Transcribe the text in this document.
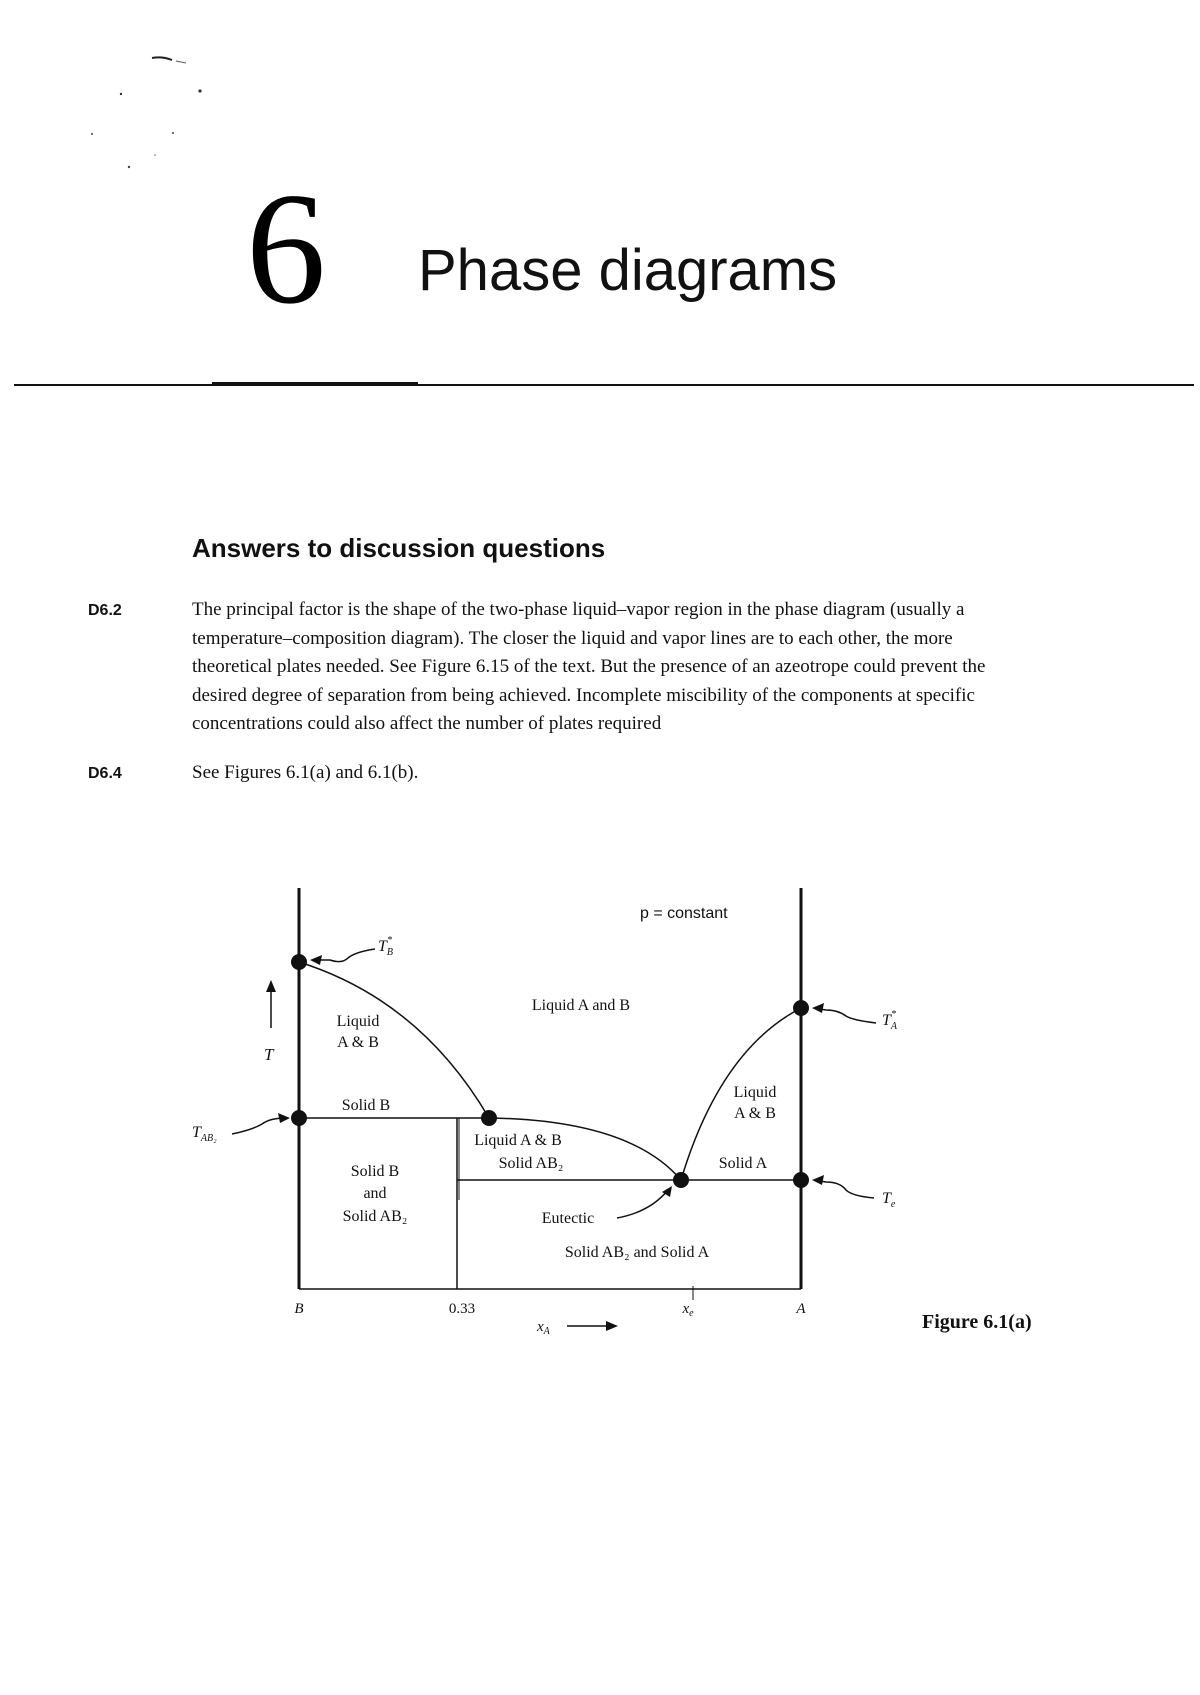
6 Phase diagrams
Answers to discussion questions
D6.2	The principal factor is the shape of the two-phase liquid–vapor region in the phase diagram (usually a
temperature–composition diagram). The closer the liquid and vapor lines are to each other, the more
theoretical plates needed. See Figure 6.15 of the text. But the presence of an azeotrope could prevent the
desired degree of separation from being achieved. Incomplete miscibility of the components at specific
concentrations could also affect the number of plates required
D6.4	See Figures 6.1(a) and 6.1(b).
T
p = constant
$T_B*$
$T_A*$
$T_{AB_2}$
$T_e$
Liquid
A & B
Liquid A and B
Liquid
A & B
Solid B
Liquid A & B
Solid AB₂	Solid A
Solid B
and
Solid AB₂	Eutectic
Solid AB₂ and Solid A
B	0.33	$x_e$	A
$x_A$	Figure 6.1(a)
